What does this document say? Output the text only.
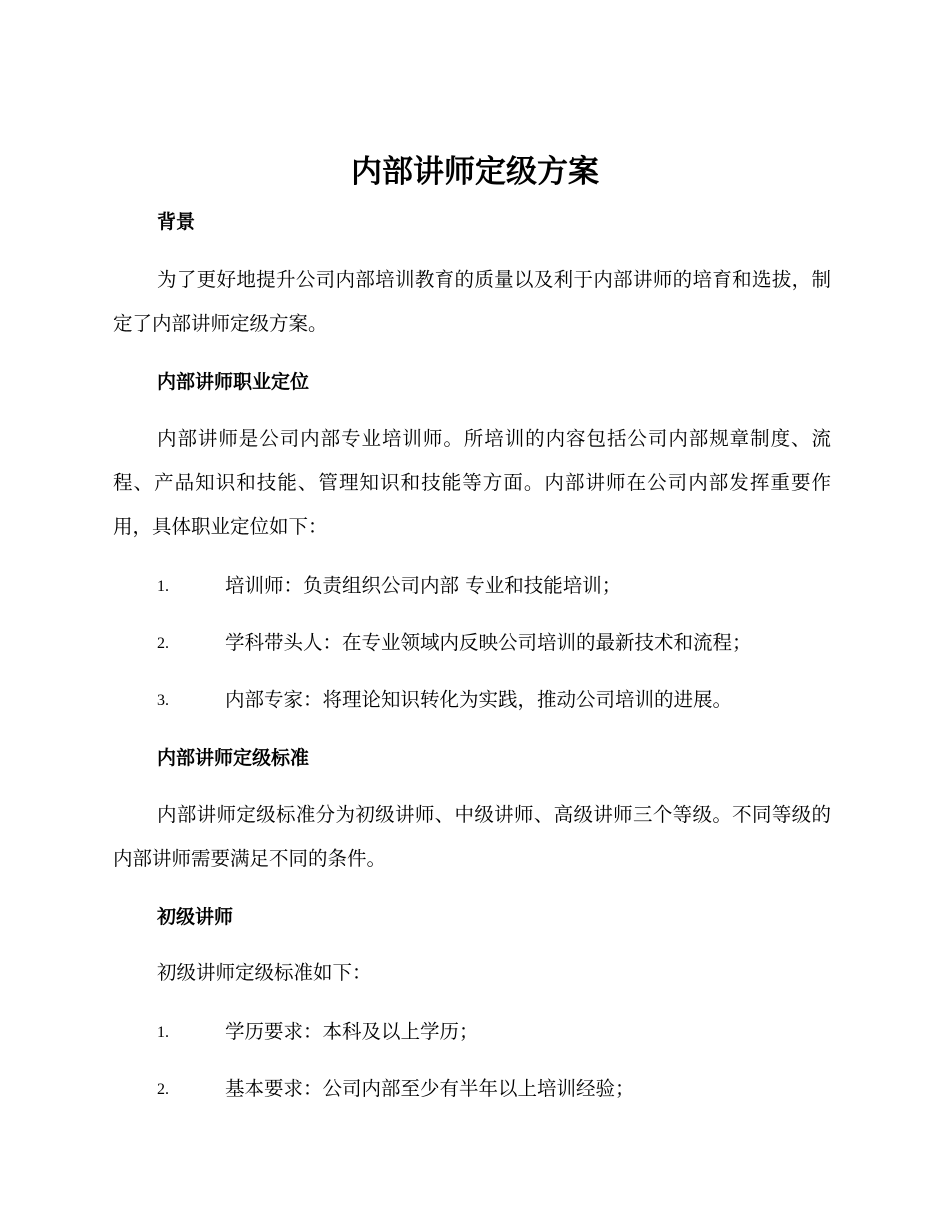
内部讲师定级方案
背景

为了更好地提升公司内部培训教育的质量以及利于内部讲师的培育和选拔，制定了内部讲师定级方案。

内部讲师职业定位

内部讲师是公司内部专业培训师。所培训的内容包括公司内部规章制度、流程、产品知识和技能、管理知识和技能等方面。内部讲师在公司内部发挥重要作用，具体职业定位如下：

1.	培训师：负责组织公司内部 专业和技能培训；
2.	学科带头人：在专业领域内反映公司培训的最新技术和流程；
3.	内部专家：将理论知识转化为实践，推动公司培训的进展。
内部讲师定级标准

内部讲师定级标准分为初级讲师、中级讲师、高级讲师三个等级。不同等级的内部讲师需要满足不同的条件。

初级讲师

初级讲师定级标准如下：

1.	学历要求：本科及以上学历；
2.	基本要求：公司内部至少有半年以上培训经验；
